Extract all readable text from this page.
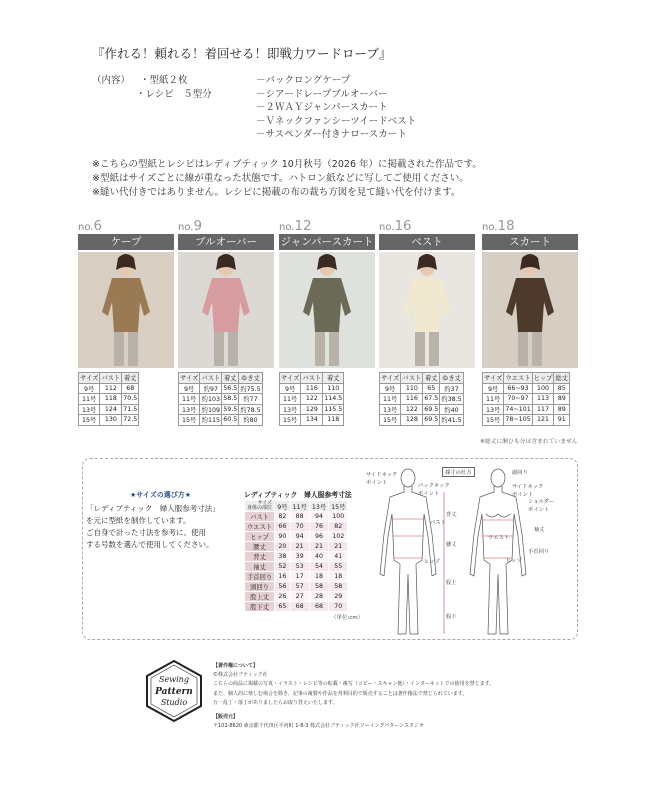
『作れる！頼れる！着回せる！即戦力ワードローブ』
（内容） ・型紙２枚
・レシピ　５型分
－バックロングケープ
－シアードレープブルオーバー
－２ＷＡＹジャンパースカート
－Ｖネックファンシーツイードベスト
－サスペンダー付きナロースカート
※こちらの型紙とレシピはレディブティック 10月秋号（2026 年）に掲載された作品です。
※型紙はサイズごとに線が重なった状態です。ハトロン紙などに写してご使用ください。
※縫い代付きではありません。レシピに掲載の布の裁ち方図を見て縫い代を付けます。
no.6
ケープ
サイズ	バスト	着丈
9号	112	68
11号	118	70.5
13号	124	71.5
15号	130	72.5
no.9
ブルオーバー
サイズ	バスト	着丈	ゆき丈
9号	約97	56.5	約75.5
11号	約103	58.5	約77
13号	約109	59.5	約78.5
15号	約115	60.5	約80
no.12
ジャンパースカート
サイズ	バスト	着丈
9号	116	110
11号	122	114.5
13号	129	115.5
15号	134	118
no.16
ベスト
サイズ	バスト	着丈	ゆき丈
9号	110	65	約37
11号	116	67.5	約38.5
13号	122	69.5	約40
15号	128	69.5	約41.5
no.18
スカート
サイズ	ウエスト	ヒップ	総丈
9号	66~93	100	85
11号	70~97	113	89
13号	74~101	117	89
15号	78~105	121	91
※総丈に胴ひも分は含まれていません
★サイズの選び方★
「レディブティック　婦人服参考寸法」
を元に型紙を制作しています。
ご自身で計った寸法を参考に、使用
する号数を選んで使用してください。
レディブティック　婦人服参考寸法
サイズ
身体の部位	9号	11号	13号	15号
バスト	82	88	94	100
ウエスト	66	70	76	82
ヒップ	90	94	96	102
腰丈	20	21	21	21
背丈	38	39	40	41
袖丈	52	53	54	55
手首回り	16	17	18	18
頭回り	56	57	58	58
股上丈	26	27	28	29
股下丈	65	68	68	70
（単位:cm）
採寸の仕方
サイドネック
ポイント	バックネック
ポイント
頭回り
サイドネック
ポイント
ショルダー
ポイント
背丈
バスト
腰丈
ヒップ
股上
股下
ウエスト
袖丈
手首回り
ヒップ
Sewing
Pattern
Studio
【著作権について】
©株式会社ブティック社
こちらの商品に掲載の写真・イラスト・レシピ等の転載・複写（コピー・スキャン他）・インターネットでの使用を禁じます。
また、個人的に楽しむ場合を除き、記事の複製や作品を営利目的で販売することは著作権法で禁じられています。
万一乱丁・落丁がありましたらお取り替えいたします。
【販売元】
〒102-8620 東京都千代田区平河町 1-8-3 株式会社ブティック社ソーイングパターンスタジオ
